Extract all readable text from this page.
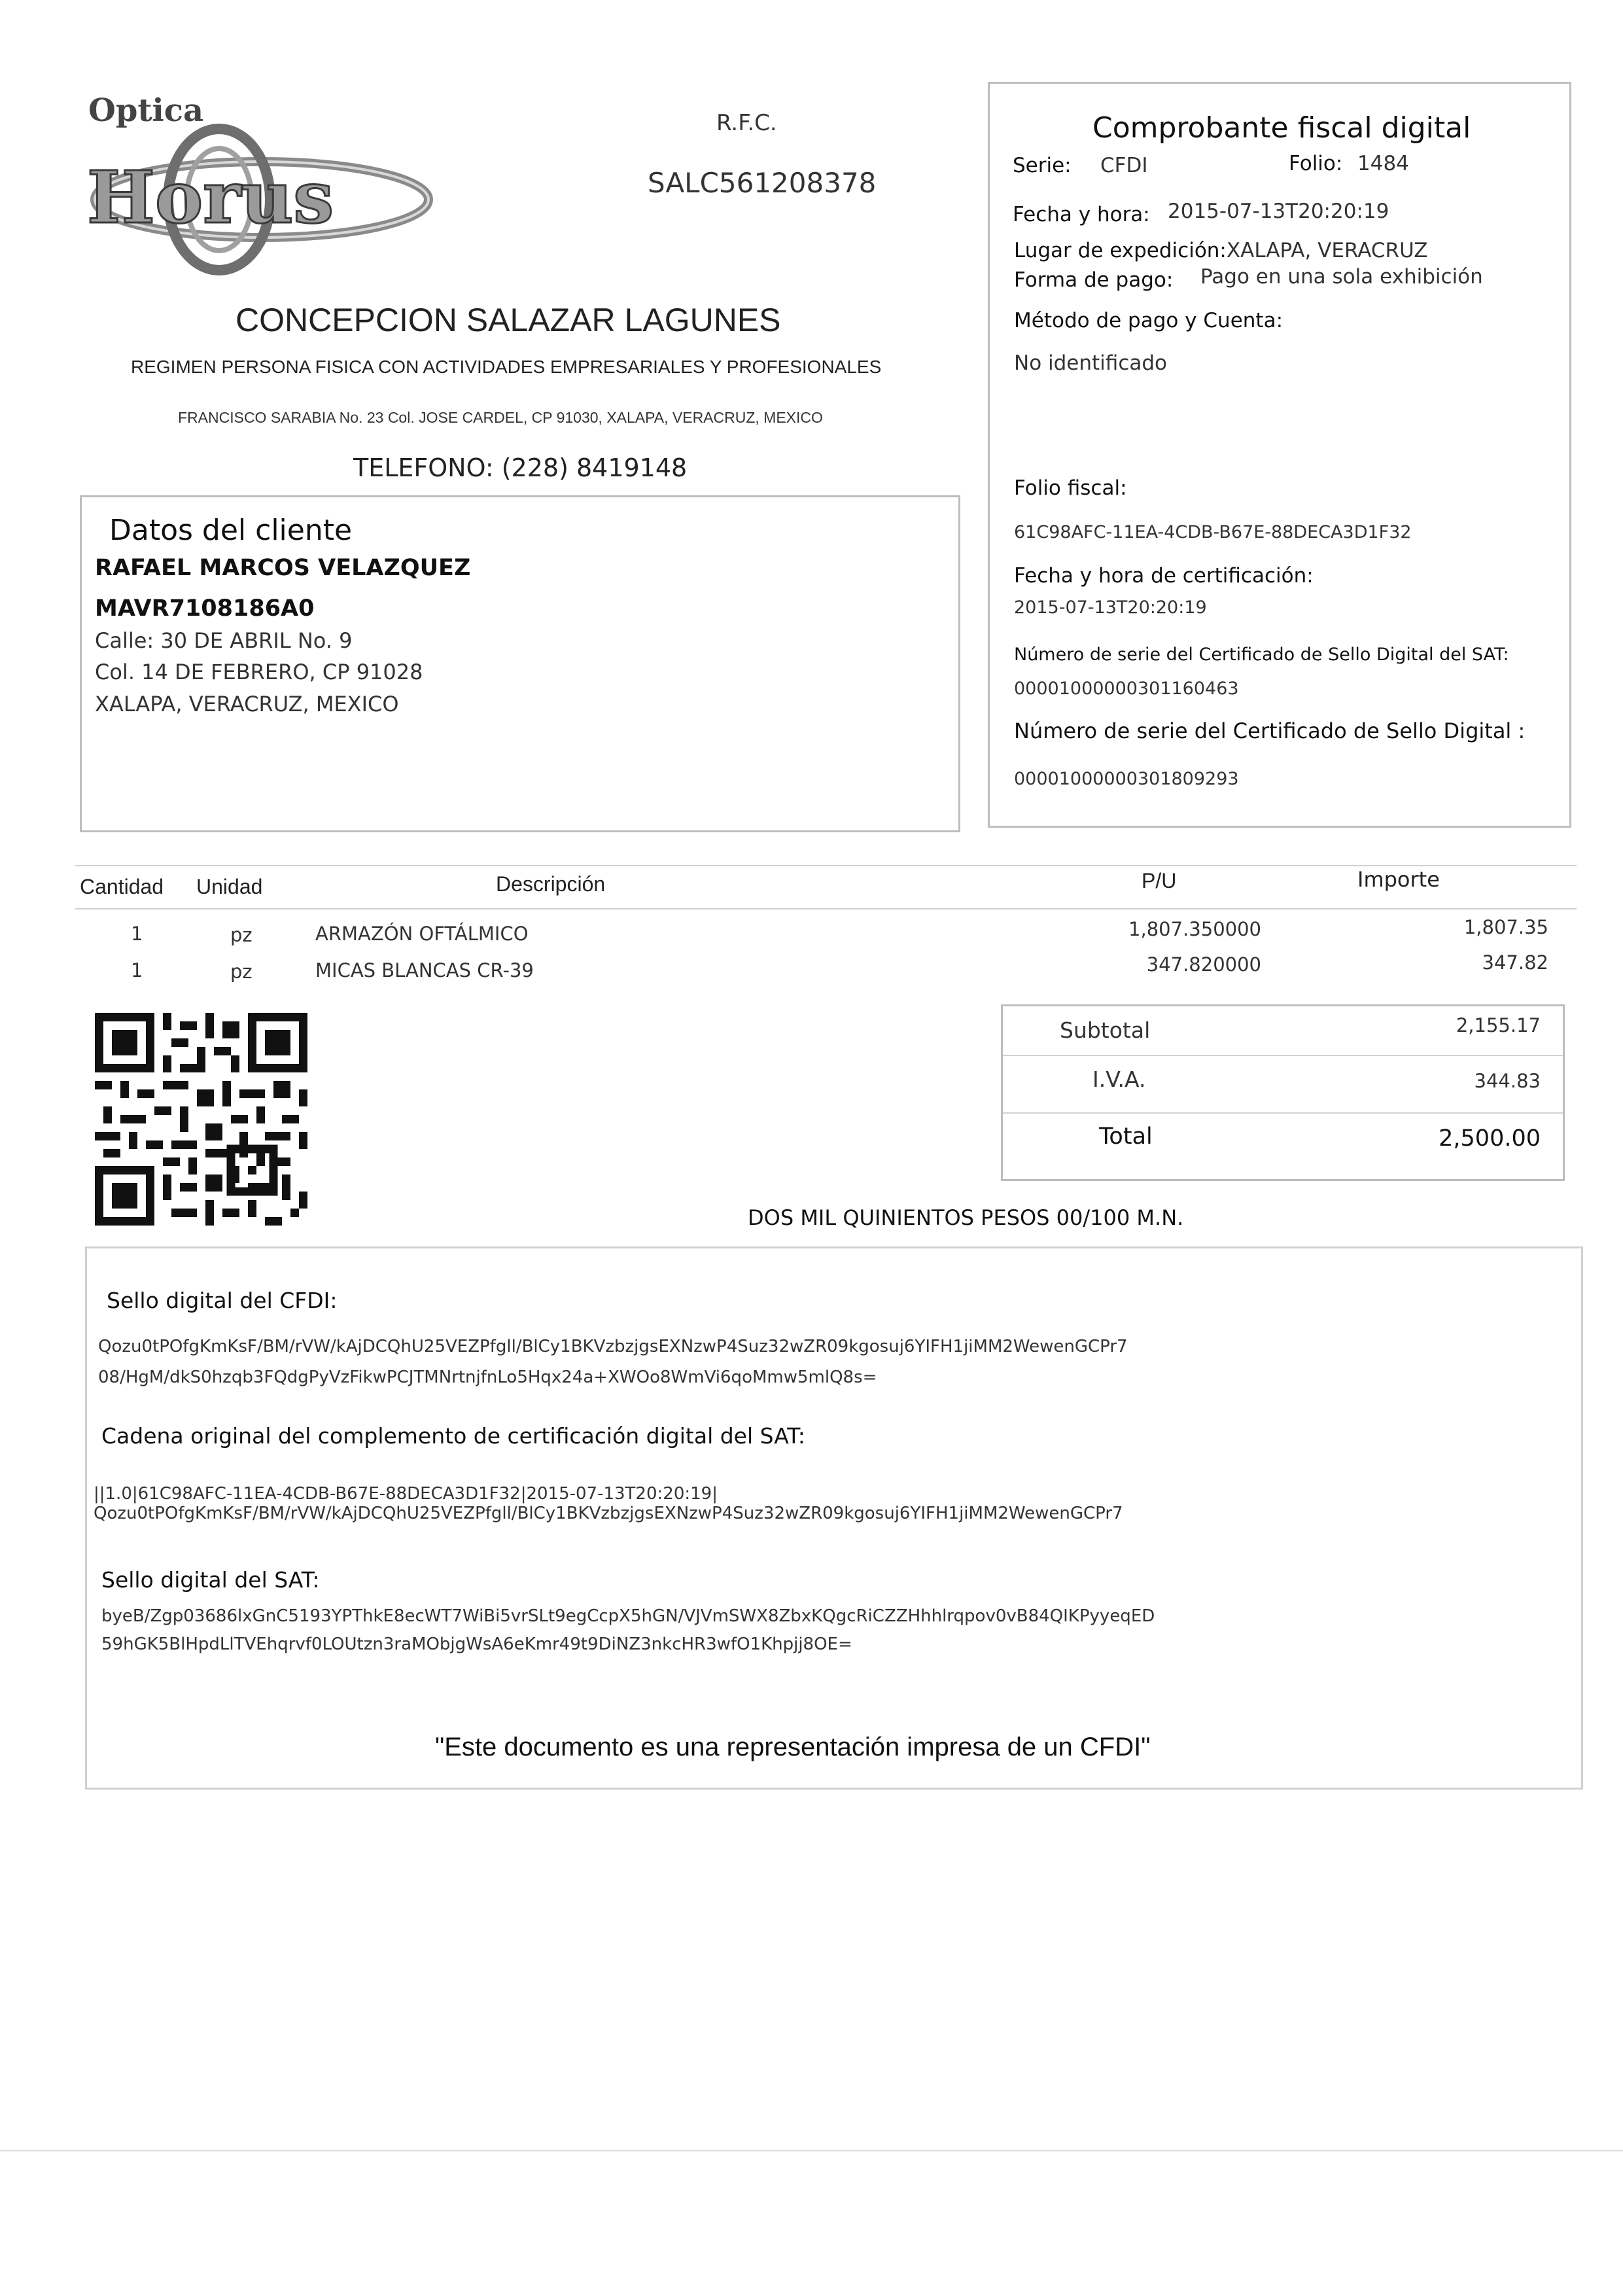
Optica
Horus
R.F.C.
SALC561208378
CONCEPCION SALAZAR LAGUNES
REGIMEN PERSONA FISICA CON ACTIVIDADES EMPRESARIALES Y PROFESIONALES
FRANCISCO SARABIA No. 23 Col. JOSE CARDEL, CP 91030, XALAPA, VERACRUZ, MEXICO
TELEFONO: (228) 8419148
Comprobante fiscal digital
Serie: CFDI	Folio: 1484
Fecha y hora: 2015-07-13T20:20:19
Lugar de expedición:XALAPA, VERACRUZ
Forma de pago: Pago en una sola exhibición
Método de pago y Cuenta:
No identificado
Folio fiscal:
61C98AFC-11EA-4CDB-B67E-88DECA3D1F32
Fecha y hora de certificación:
2015-07-13T20:20:19
Número de serie del Certificado de Sello Digital del SAT:
00001000000301160463
Número de serie del Certificado de Sello Digital :
00001000000301809293
Datos del cliente
RAFAEL MARCOS VELAZQUEZ
MAVR7108186A0
Calle: 30 DE ABRIL No. 9
Col. 14 DE FEBRERO, CP 91028
XALAPA, VERACRUZ, MEXICO
Cantidad Unidad	Descripción	P/U	Importe
1	pz	ARMAZÓN OFTÁLMICO	1,807.350000	1,807.35
1	pz	MICAS BLANCAS CR-39	347.820000	347.82
Subtotal	2,155.17
I.V.A.	344.83
Total	2,500.00
DOS MIL QUINIENTOS PESOS 00/100 M.N.
Sello digital del CFDI:
Qozu0tPOfgKmKsF/BM/rVW/kAjDCQhU25VEZPfgll/BlCy1BKVzbzjgsEXNzwP4Suz32wZR09kgosuj6YIFH1jiMM2WewenGCPr7
08/HgM/dkS0hzqb3FQdgPyVzFikwPCJTMNrtnjfnLo5Hqx24a+XWOo8WmVi6qoMmw5mlQ8s=
Cadena original del complemento de certificación digital del SAT:
||1.0|61C98AFC-11EA-4CDB-B67E-88DECA3D1F32|2015-07-13T20:20:19|
Qozu0tPOfgKmKsF/BM/rVW/kAjDCQhU25VEZPfgll/BlCy1BKVzbzjgsEXNzwP4Suz32wZR09kgosuj6YIFH1jiMM2WewenGCPr7
Sello digital del SAT:
byeB/Zgp03686lxGnC5193YPThkE8ecWT7WiBi5vrSLt9egCcpX5hGN/VJVmSWX8ZbxKQgcRiCZZHhhlrqpov0vB84QIKPyyeqED
59hGK5BlHpdLlTVEhqrvf0LOUtzn3raMObjgWsA6eKmr49t9DiNZ3nkcHR3wfO1Khpjj8OE=
"Este documento es una representación impresa de un CFDI"
